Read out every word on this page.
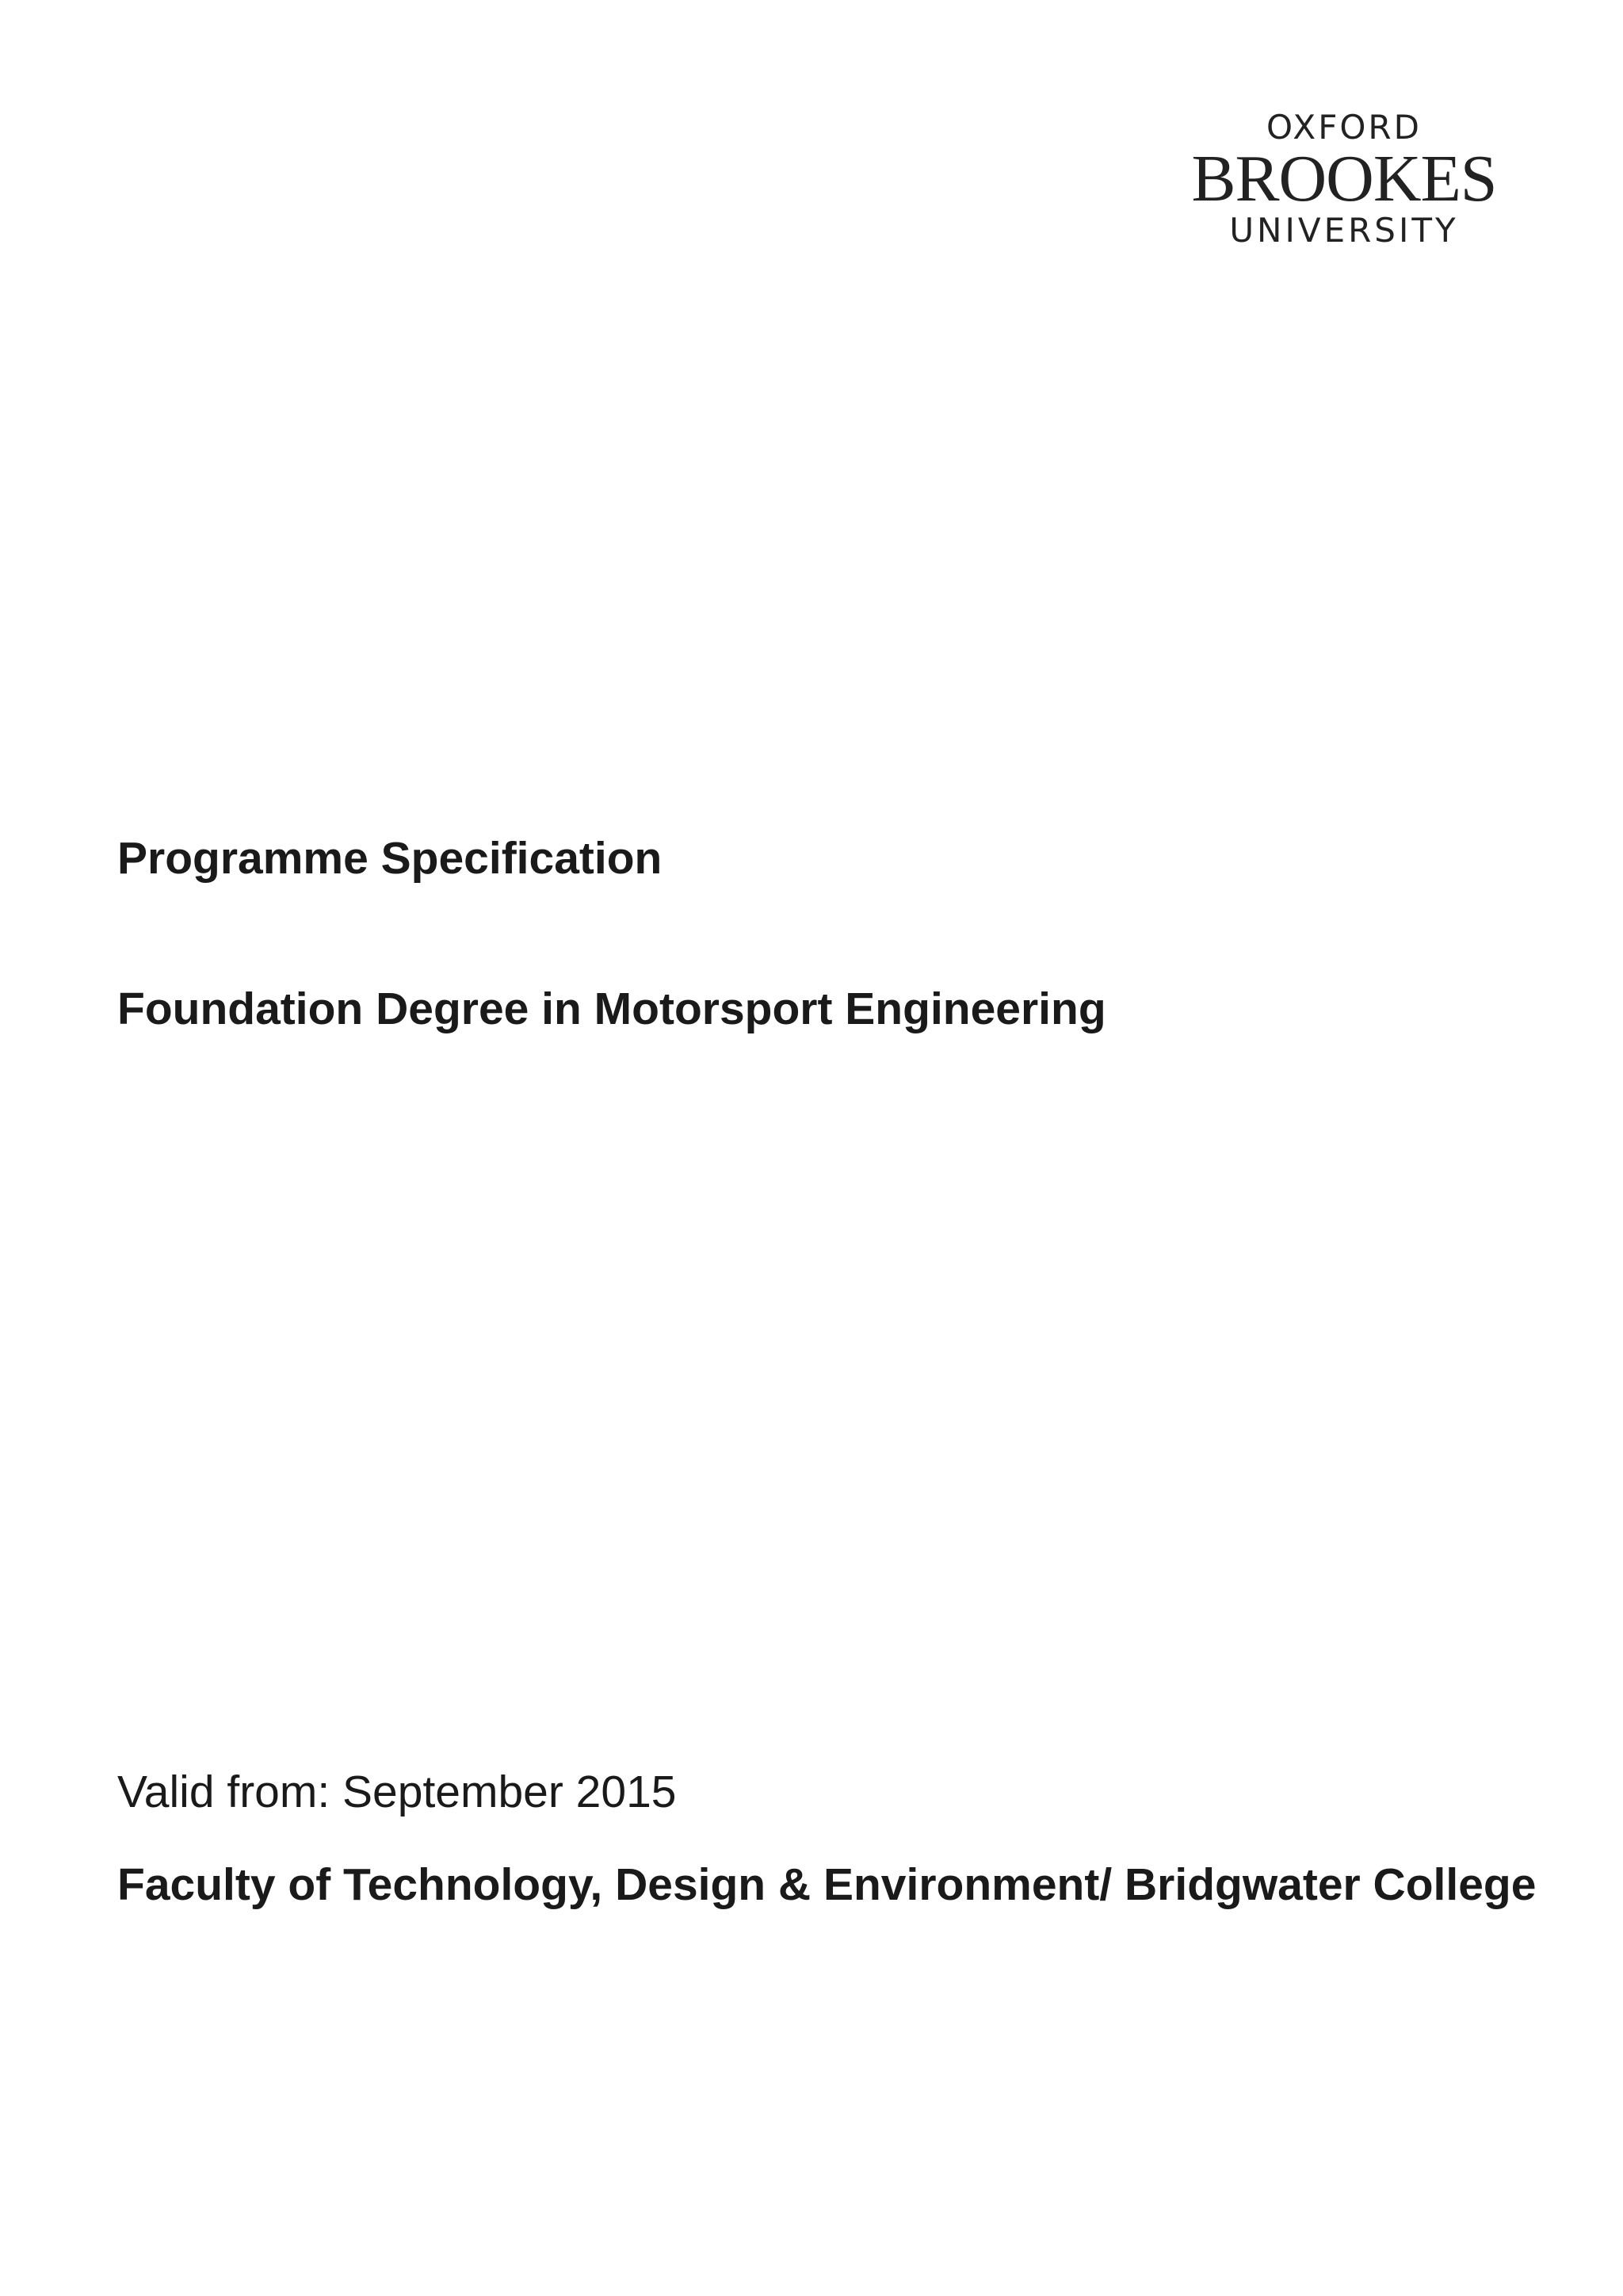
OXFORD
BROOKES
UNIVERSITY
Programme Specification
Foundation Degree in Motorsport Engineering

Valid from: September 2015

Faculty of Technology, Design & Environment/ Bridgwater College
